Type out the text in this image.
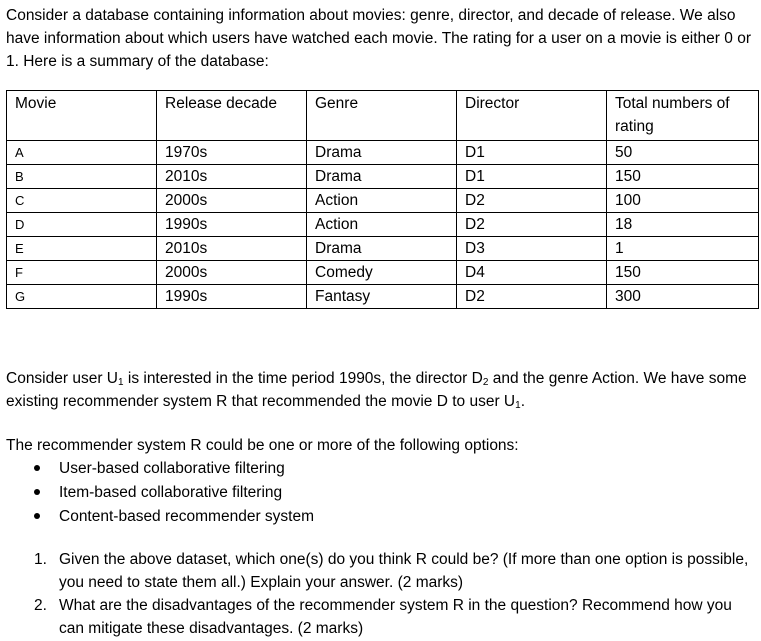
Consider a database containing information about movies: genre, director, and decade of release. We also have information about which users have watched each movie. The rating for a user on a movie is either 0 or 1. Here is a summary of the database:

Movie	Release decade	Genre	Director	Total numbers of rating
A	1970s	Drama	D1	50
B	2010s	Drama	D1	150
C	2000s	Action	D2	100
D	1990s	Action	D2	18
E	2010s	Drama	D3	1
F	2000s	Comedy	D4	150
G	1990s	Fantasy	D2	300

Consider user $U_1$ is interested in the time period 1990s, the director $D_2$ and the genre Action. We have some existing recommender system R that recommended the movie D to user $U_1$.

The recommender system R could be one or more of the following options:

User-based collaborative filtering
Item-based collaborative filtering
Content-based recommender system
1. Given the above dataset, which one(s) do you think R could be? (If more than one option is possible, you need to state them all.) Explain your answer. (2 marks)
2. What are the disadvantages of the recommender system R in the question? Recommend how you can mitigate these disadvantages. (2 marks)
